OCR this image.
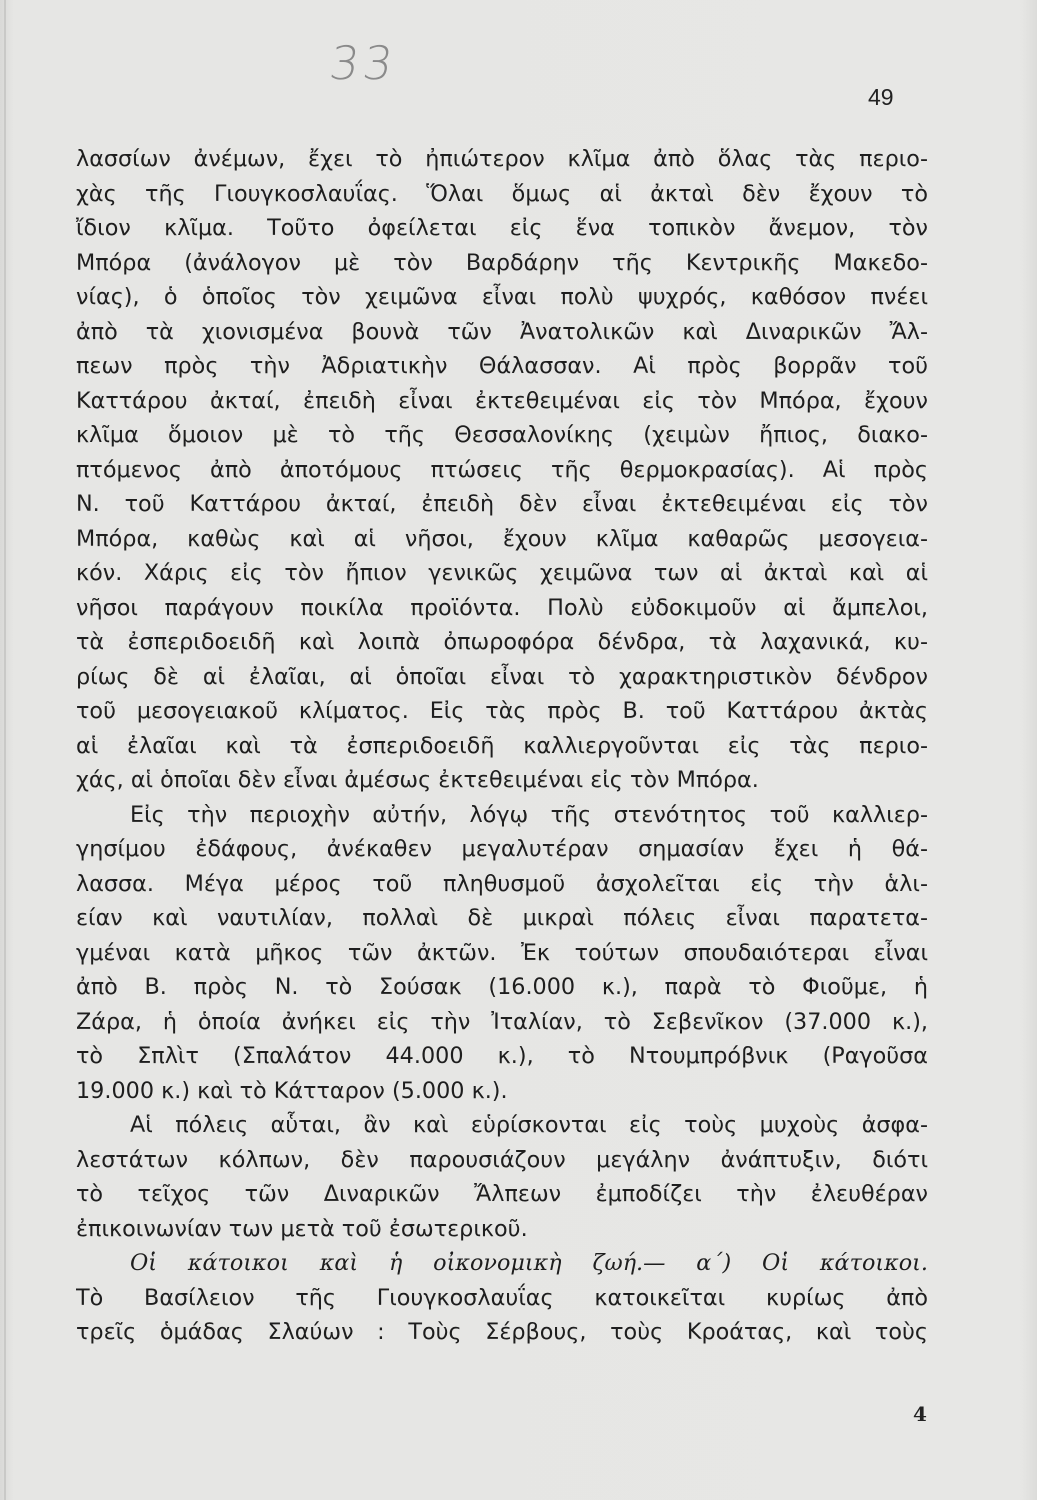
33
49
λασσίων ἀνέμων, ἔχει τὸ ἠπιώτερον κλῖμα ἀπὸ ὅλας τὰς περιο-
χὰς τῆς Γιουγκοσλαυΐας. Ὅλαι ὅμως αἱ ἀκταὶ δὲν ἔχουν τὸ
ἴδιον κλῖμα. Τοῦτο ὀφείλεται εἰς ἕνα τοπικὸν ἄνεμον, τὸν
Μπόρα (ἀνάλογον μὲ τὸν Βαρδάρην τῆς Κεντρικῆς Μακεδο-
νίας), ὁ ὁποῖος τὸν χειμῶνα εἶναι πολὺ ψυχρός, καθόσον πνέει
ἀπὸ τὰ χιονισμένα βουνὰ τῶν Ἀνατολικῶν καὶ Διναρικῶν Ἄλ-
πεων πρὸς τὴν Ἀδριατικὴν Θάλασσαν. Αἱ πρὸς βορρᾶν τοῦ
Καττάρου ἀκταί, ἐπειδὴ εἶναι ἐκτεθειμέναι εἰς τὸν Μπόρα, ἔχουν
κλῖμα ὅμοιον μὲ τὸ τῆς Θεσσαλονίκης (χειμὼν ἤπιος, διακο-
πτόμενος ἀπὸ ἀποτόμους πτώσεις τῆς θερμοκρασίας). Αἱ πρὸς
Ν. τοῦ Καττάρου ἀκταί, ἐπειδὴ δὲν εἶναι ἐκτεθειμέναι εἰς τὸν
Μπόρα, καθὼς καὶ αἱ νῆσοι, ἔχουν κλῖμα καθαρῶς μεσογεια-
κόν. Χάρις εἰς τὸν ἤπιον γενικῶς χειμῶνα των αἱ ἀκταὶ καὶ αἱ
νῆσοι παράγουν ποικίλα προϊόντα. Πολὺ εὐδοκιμοῦν αἱ ἄμπελοι,
τὰ ἐσπεριδοειδῆ καὶ λοιπὰ ὀπωροφόρα δένδρα, τὰ λαχανικά, κυ-
ρίως δὲ αἱ ἐλαῖαι, αἱ ὁποῖαι εἶναι τὸ χαρακτηριστικὸν δένδρον
τοῦ μεσογειακοῦ κλίματος. Εἰς τὰς πρὸς Β. τοῦ Καττάρου ἀκτὰς
αἱ ἐλαῖαι καὶ τὰ ἐσπεριδοειδῆ καλλιεργοῦνται εἰς τὰς περιο-
χάς, αἱ ὁποῖαι δὲν εἶναι ἀμέσως ἐκτεθειμέναι εἰς τὸν Μπόρα.
Εἰς τὴν περιοχὴν αὐτήν, λόγῳ τῆς στενότητος τοῦ καλλιερ-
γησίμου ἐδάφους, ἀνέκαθεν μεγαλυτέραν σημασίαν ἔχει ἡ θά-
λασσα. Μέγα μέρος τοῦ πληθυσμοῦ ἀσχολεῖται εἰς τὴν ἁλι-
είαν καὶ ναυτιλίαν, πολλαὶ δὲ μικραὶ πόλεις εἶναι παρατετα-
γμέναι κατὰ μῆκος τῶν ἀκτῶν. Ἐκ τούτων σπουδαιότεραι εἶναι
ἀπὸ Β. πρὸς Ν. τὸ Σούσακ (16.000 κ.), παρὰ τὸ Φιοῦμε, ἡ
Ζάρα, ἡ ὁποία ἀνήκει εἰς τὴν Ἰταλίαν, τὸ Σεβενῖκον (37.000 κ.),
τὸ Σπλὶτ (Σπαλάτον 44.000 κ.), τὸ Ντουμπρόβνικ (Ραγοῦσα
19.000 κ.) καὶ τὸ Κάτταρον (5.000 κ.).
Αἱ πόλεις αὗται, ἂν καὶ εὑρίσκονται εἰς τοὺς μυχοὺς ἀσφα-
λεστάτων κόλπων, δὲν παρουσιάζουν μεγάλην ἀνάπτυξιν, διότι
τὸ τεῖχος τῶν Διναρικῶν Ἄλπεων ἐμποδίζει τὴν ἐλευθέραν
ἐπικοινωνίαν των μετὰ τοῦ ἐσωτερικοῦ.
Οἱ κάτοικοι καὶ ἡ οἰκονομικὴ ζωή.— α΄) Οἱ κάτοικοι.
Τὸ Βασίλειον τῆς Γιουγκοσλαυΐας κατοικεῖται κυρίως ἀπὸ
τρεῖς ὁμάδας Σλαύων : Τοὺς Σέρβους, τοὺς Κροάτας, καὶ τοὺς
4
